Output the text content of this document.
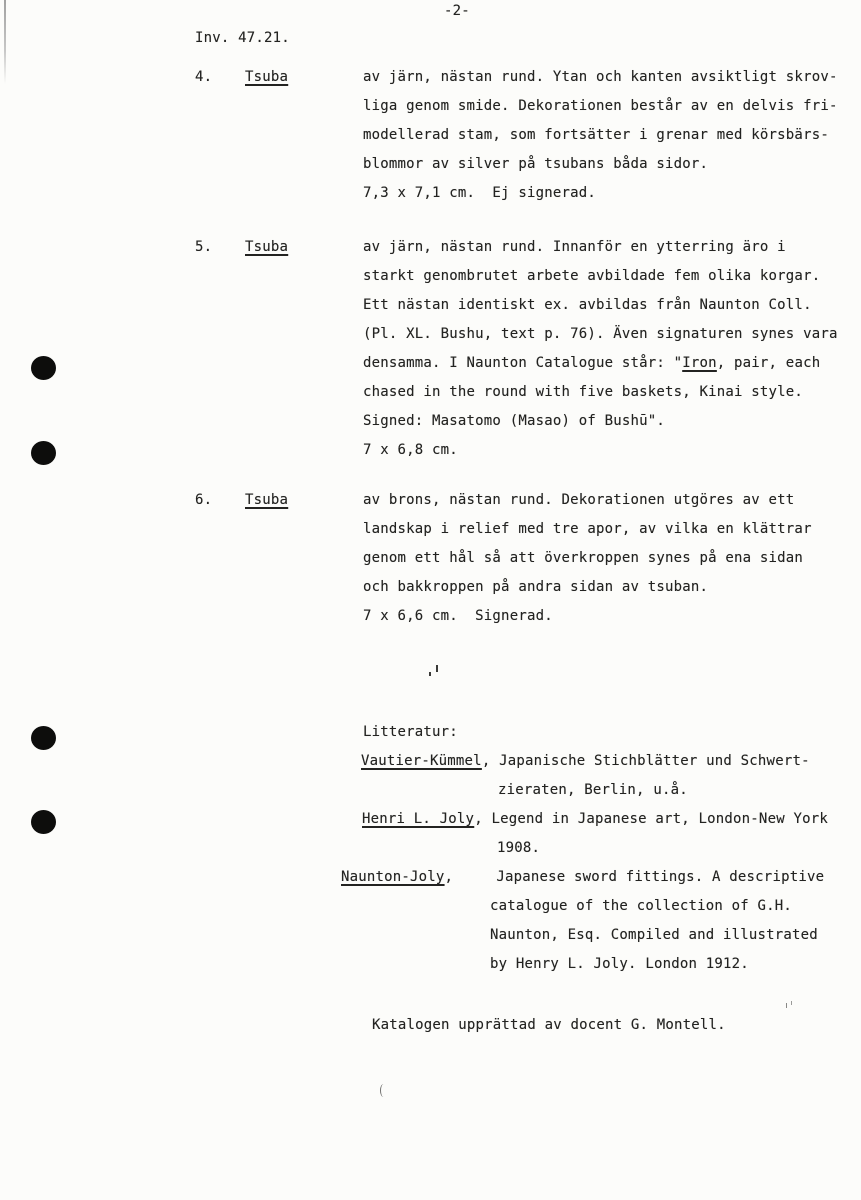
-2-
Inv. 47.21.
4. Tsuba	av järn, nästan rund. Ytan och kanten avsiktligt skrov-
liga genom smide. Dekorationen består av en delvis fri-
modellerad stam, som fortsätter i grenar med körsbärs-
blommor av silver på tsubans båda sidor.
7,3 x 7,1 cm.  Ej signerad.
5. Tsuba	av järn, nästan rund. Innanför en ytterring äro i
starkt genombrutet arbete avbildade fem olika korgar.
Ett nästan identiskt ex. avbildas från Naunton Coll.
(Pl. XL. Bushu, text p. 76). Även signaturen synes vara
densamma. I Naunton Catalogue står: "Iron, pair, each
chased in the round with five baskets, Kinai style.
Signed: Masatomo (Masao) of Bushū".
7 x 6,8 cm.
6. Tsuba	av brons, nästan rund. Dekorationen utgöres av ett
landskap i relief med tre apor, av vilka en klättrar
genom ett hål så att överkroppen synes på ena sidan
och bakkroppen på andra sidan av tsuban.
7 x 6,6 cm.  Signerad.
Litteratur:
Vautier-Kümmel, Japanische Stichblätter und Schwert-
zieraten, Berlin, u.å.
Henri L. Joly, Legend in Japanese art, London-New York
1908.
Naunton-Joly,     Japanese sword fittings. A descriptive
catalogue of the collection of G.H.
Naunton, Esq. Compiled and illustrated
by Henry L. Joly. London 1912.
Katalogen upprättad av docent G. Montell.
